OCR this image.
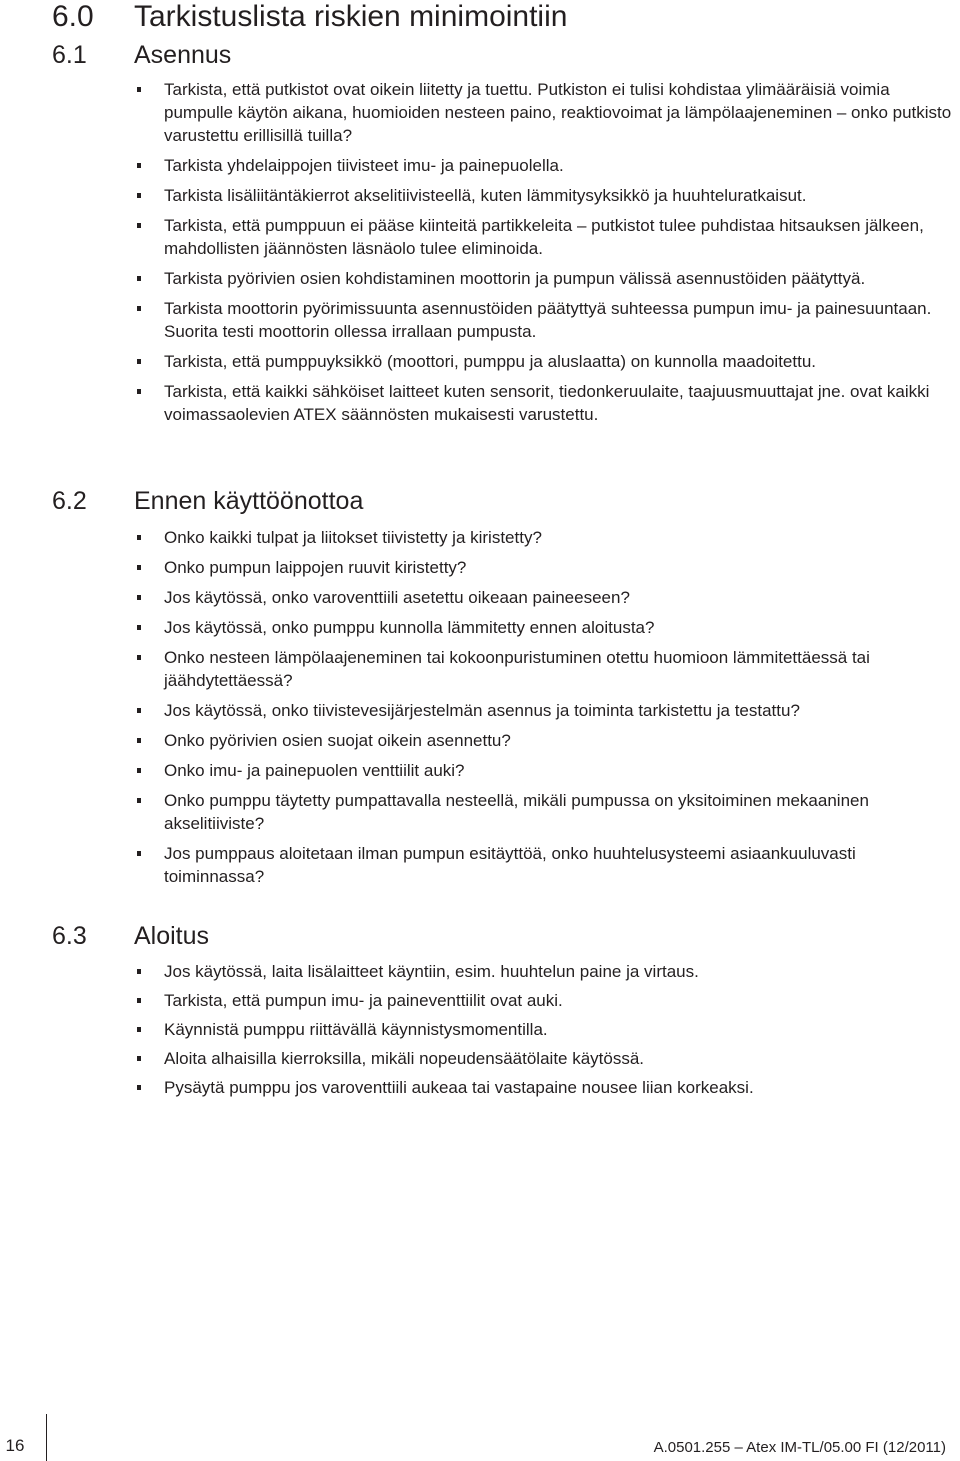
6.0 Tarkistuslista riskien minimointiin
6.1 Asennus
Tarkista, että putkistot ovat oikein liitetty ja tuettu. Putkiston ei tulisi kohdistaa ylimääräisiä voimia pumpulle käytön aikana, huomioiden nesteen paino, reaktiovoimat ja lämpölaajeneminen – onko putkisto varustettu erillisillä tuilla?
Tarkista yhdelaippojen tiivisteet imu- ja painepuolella.
Tarkista lisäliitäntäkierrot akselitiivisteellä, kuten lämmitysyksikkö ja huuhteluratkaisut.
Tarkista, että pumppuun ei pääse kiinteitä partikkeleita – putkistot tulee puhdistaa hitsauksen jälkeen, mahdollisten jäännösten läsnäolo tulee eliminoida.
Tarkista pyörivien osien kohdistaminen moottorin ja pumpun välissä asennustöiden päätyttyä.
Tarkista moottorin pyörimissuunta asennustöiden päätyttyä suhteessa pumpun imu- ja painesuuntaan. Suorita testi moottorin ollessa irrallaan pumpusta.
Tarkista, että pumppuyksikkö (moottori, pumppu ja aluslaatta) on kunnolla maadoitettu.
Tarkista, että kaikki sähköiset laitteet kuten sensorit, tiedonkeruulaite, taajuusmuuttajat jne. ovat kaikki voimassaolevien ATEX säännösten mukaisesti varustettu.
6.2 Ennen käyttöönottoa
Onko kaikki tulpat ja liitokset tiivistetty ja kiristetty?
Onko pumpun laippojen ruuvit kiristetty?
Jos käytössä, onko varoventtiili asetettu oikeaan paineeseen?
Jos käytössä, onko pumppu kunnolla lämmitetty ennen aloitusta?
Onko nesteen lämpölaajeneminen tai kokoonpuristuminen otettu huomioon lämmitettäessä tai jäähdytettäessä?
Jos käytössä, onko tiivistevesijärjestelmän asennus ja toiminta tarkistettu ja testattu?
Onko pyörivien osien suojat oikein asennettu?
Onko imu- ja painepuolen venttiilit auki?
Onko pumppu täytetty pumpattavalla nesteellä, mikäli pumpussa on yksitoiminen mekaaninen akselitiiviste?
Jos pumppaus aloitetaan ilman pumpun esitäyttöä, onko huuhtelusysteemi asiaankuuluvasti toiminnassa?
6.3 Aloitus
Jos käytössä, laita lisälaitteet käyntiin, esim. huuhtelun paine ja virtaus.
Tarkista, että pumpun imu- ja paineventtiilit ovat auki.
Käynnistä pumppu riittävällä käynnistysmomentilla.
Aloita alhaisilla kierroksilla, mikäli nopeudensäätölaite käytössä.
Pysäytä pumppu jos varoventtiili aukeaa tai vastapaine nousee liian korkeaksi.
16	A.0501.255 – Atex IM-TL/05.00 FI (12/2011)
